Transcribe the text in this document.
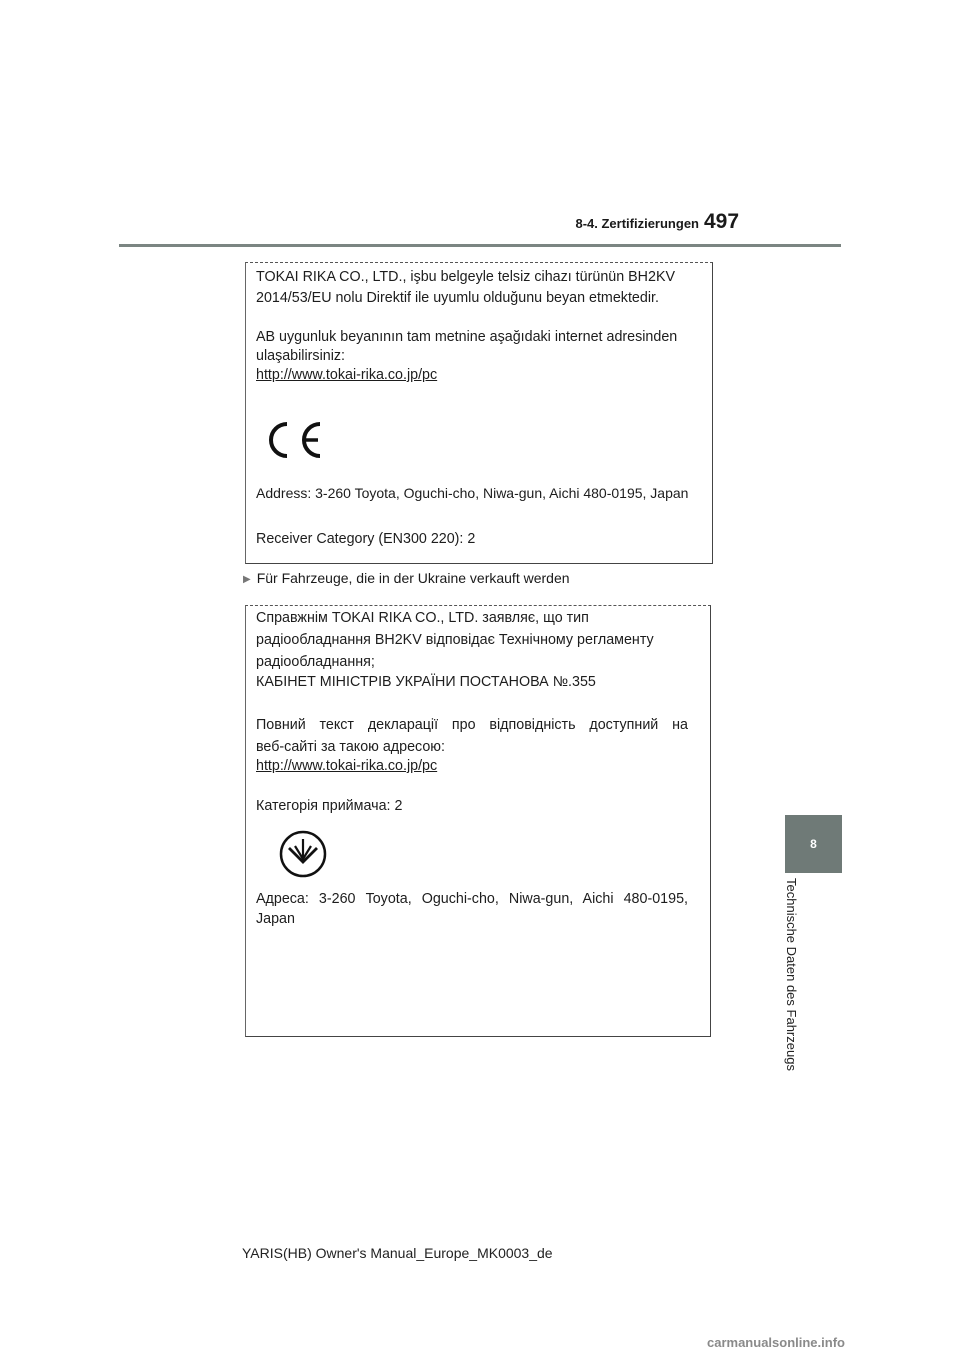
8-4. Zertifizierungen 497
8
Technische Daten des Fahrzeugs
TOKAI RIKA CO., LTD., işbu belgeyle telsiz cihazı türünün BH2KV
2014/53/EU nolu Direktif ile uyumlu olduğunu beyan etmektedir.
AB uygunluk beyanının tam metnine aşağıdaki internet adresinden
ulaşabilirsiniz:
http://www.tokai-rika.co.jp/pc
Address: 3-260 Toyota, Oguchi-cho, Niwa-gun, Aichi 480-0195, Japan
Receiver Category (EN300 220): 2
▶ Für Fahrzeuge, die in der Ukraine verkauft werden
Справжнім TOKAI RIKA CO., LTD. заявляє, що тип
радіообладнання BH2KV відповідає Технічному регламенту
радіообладнання;
КАБІНЕТ МІНІСТРІВ УКРАЇНИ ПОСТАНОВА №.355
Повний текст декларації про відповідність доступний на
веб-сайті за такою адресою:
http://www.tokai-rika.co.jp/pc
Категорія приймача: 2
Адреса: 3-260 Toyota, Oguchi-cho, Niwa-gun, Aichi 480-0195,
Japan
YARIS(HB) Owner's Manual_Europe_MK0003_de
carmanualsonline.info
